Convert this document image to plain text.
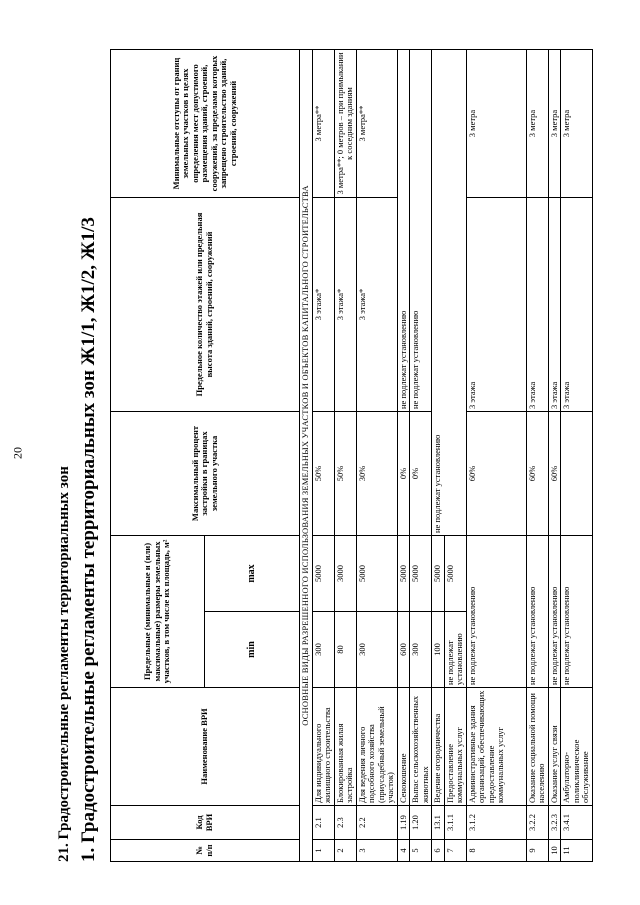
20
21. Градостроительные регламенты территориальных зон 1. Градостроительные регламенты территориальных зон Ж1/1, Ж1/2, Ж1/3	№ п/п	Код ВРИ	Наименование ВРИ	Предельные (минимальные и (или) максимальные) размеры земельных участков, в том числе их площадь, м²		Максимальный процент застройки в границах земельного участка	Предельное количество этажей или предельная высота зданий, строений, сооружений	Минимальные отступы от границ земельных участков в целях определения мест допустимого размещения зданий, строений, сооружений, за пределами которых запрещено строительство зданий, строений, сооружений
			min	max			
ОСНОВНЫЕ ВИДЫ РАЗРЕШЕННОГО ИСПОЛЬЗОВАНИЯ ЗЕМЕЛЬНЫХ УЧАСТКОВ И ОБЪЕКТОВ КАПИТАЛЬНОГО СТРОИТЕЛЬСТВА							
1	2.1	Для индивидуального жилищного строительства	300	5000	50%	3 этажа*	3 метра**
2	2.3	Блокированная жилая застройка	80	3000	50%	3 этажа*	3 метра**; 0 метров – при примыкании к соседним зданиям
3	2.2	Для ведения личного подсобного хозяйства (приусадебный земельный участок)	300	5000	30%	3 этажа*	3 метра**
4	1.19	Сенокошение	600	5000	0%	не подлежат установлению	
5	1.20	Выпас сельскохозяйственных животных	300	5000	0%	не подлежат установлению	
6	13.1	Ведение огородничества	100	5000	не подлежат установлению		
7	3.1.1	Предоставление коммунальных услуг	не подлежат установлению	5000			
8	3.1.2	Административные здания организаций, обеспечивающих предоставление коммунальных услуг	не подлежат установлению		60%	3 этажа	3 метра
9	3.2.2	Оказание социальной помощи населению	не подлежат установлению		60%	3 этажа	3 метра
10	3.2.3	Оказание услуг связи	не подлежат установлению		60%	3 этажа	3 метра
11	3.4.1	Амбулаторно-поликлиническое обслуживание	не подлежат установлению			3 этажа	3 метра
